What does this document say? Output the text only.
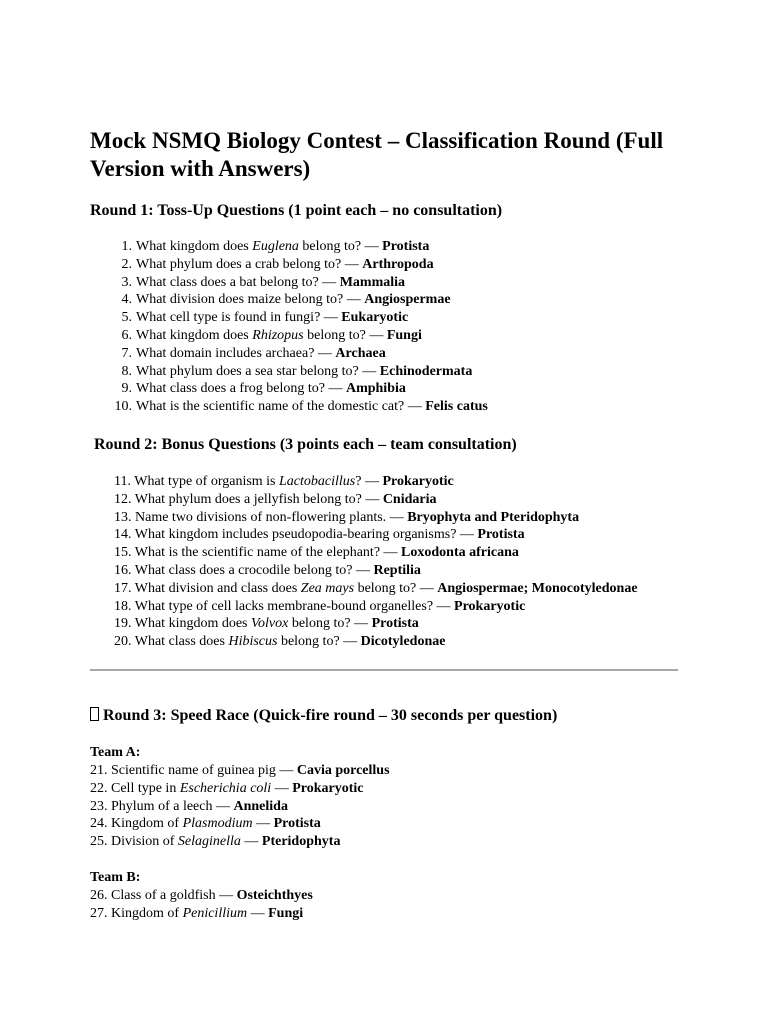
Mock NSMQ Biology Contest – Classification Round (Full Version with Answers)
Round 1: Toss-Up Questions (1 point each – no consultation)
1. What kingdom does Euglena belong to? — Protista
2. What phylum does a crab belong to? — Arthropoda
3. What class does a bat belong to? — Mammalia
4. What division does maize belong to? — Angiospermae
5. What cell type is found in fungi? — Eukaryotic
6. What kingdom does Rhizopus belong to? — Fungi
7. What domain includes archaea? — Archaea
8. What phylum does a sea star belong to? — Echinodermata
9. What class does a frog belong to? — Amphibia
10. What is the scientific name of the domestic cat? — Felis catus
Round 2: Bonus Questions (3 points each – team consultation)
11. What type of organism is Lactobacillus? — Prokaryotic
12. What phylum does a jellyfish belong to? — Cnidaria
13. Name two divisions of non-flowering plants. — Bryophyta and Pteridophyta
14. What kingdom includes pseudopodia-bearing organisms? — Protista
15. What is the scientific name of the elephant? — Loxodonta africana
16. What class does a crocodile belong to? — Reptilia
17. What division and class does Zea mays belong to? — Angiospermae; Monocotyledonae
18. What type of cell lacks membrane-bound organelles? — Prokaryotic
19. What kingdom does Volvox belong to? — Protista
20. What class does Hibiscus belong to? — Dicotyledonae
Round 3: Speed Race (Quick-fire round – 30 seconds per question)
Team A:
21. Scientific name of guinea pig — Cavia porcellus
22. Cell type in Escherichia coli — Prokaryotic
23. Phylum of a leech — Annelida
24. Kingdom of Plasmodium — Protista
25. Division of Selaginella — Pteridophyta
Team B:
26. Class of a goldfish — Osteichthyes
27. Kingdom of Penicillium — Fungi
